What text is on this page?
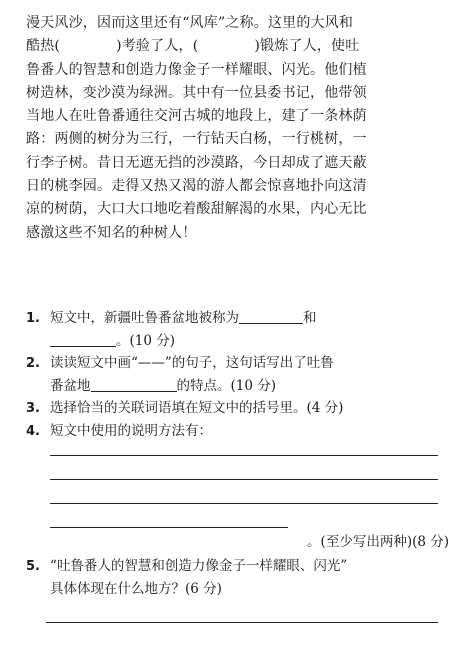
漫天风沙，因而这里还有“风库”之称。这里的大风和
酷热(	)考验了人，(	)锻炼了人，使吐
鲁番人的智慧和创造力像金子一样耀眼、闪光。他们植
树造林，变沙漠为绿洲。其中有一位县委书记，他带领
当地人在吐鲁番通往交河古城的地段上，建了一条林荫
路：两侧的树分为三行，一行钻天白杨，一行桃树，一
行李子树。昔日无遮无挡的沙漠路，今日却成了遮天蔽
日的桃李园。走得又热又渴的游人都会惊喜地扑向这清
凉的树荫，大口大口地吃着酸甜解渴的水果，内心无比
感激这些不知名的种树人！
1. 短文中，新疆吐鲁番盆地被称为	和
。(10 分)
2. 读读短文中画“——”的句子，这句话写出了吐鲁
番盆地	的特点。(10 分)
3. 选择恰当的关联词语填在短文中的括号里。(4 分)
4. 短文中使用的说明方法有：
。(至少写出两种)(8 分)
5. “吐鲁番人的智慧和创造力像金子一样耀眼、闪光”
具体体现在什么地方？(6 分)
